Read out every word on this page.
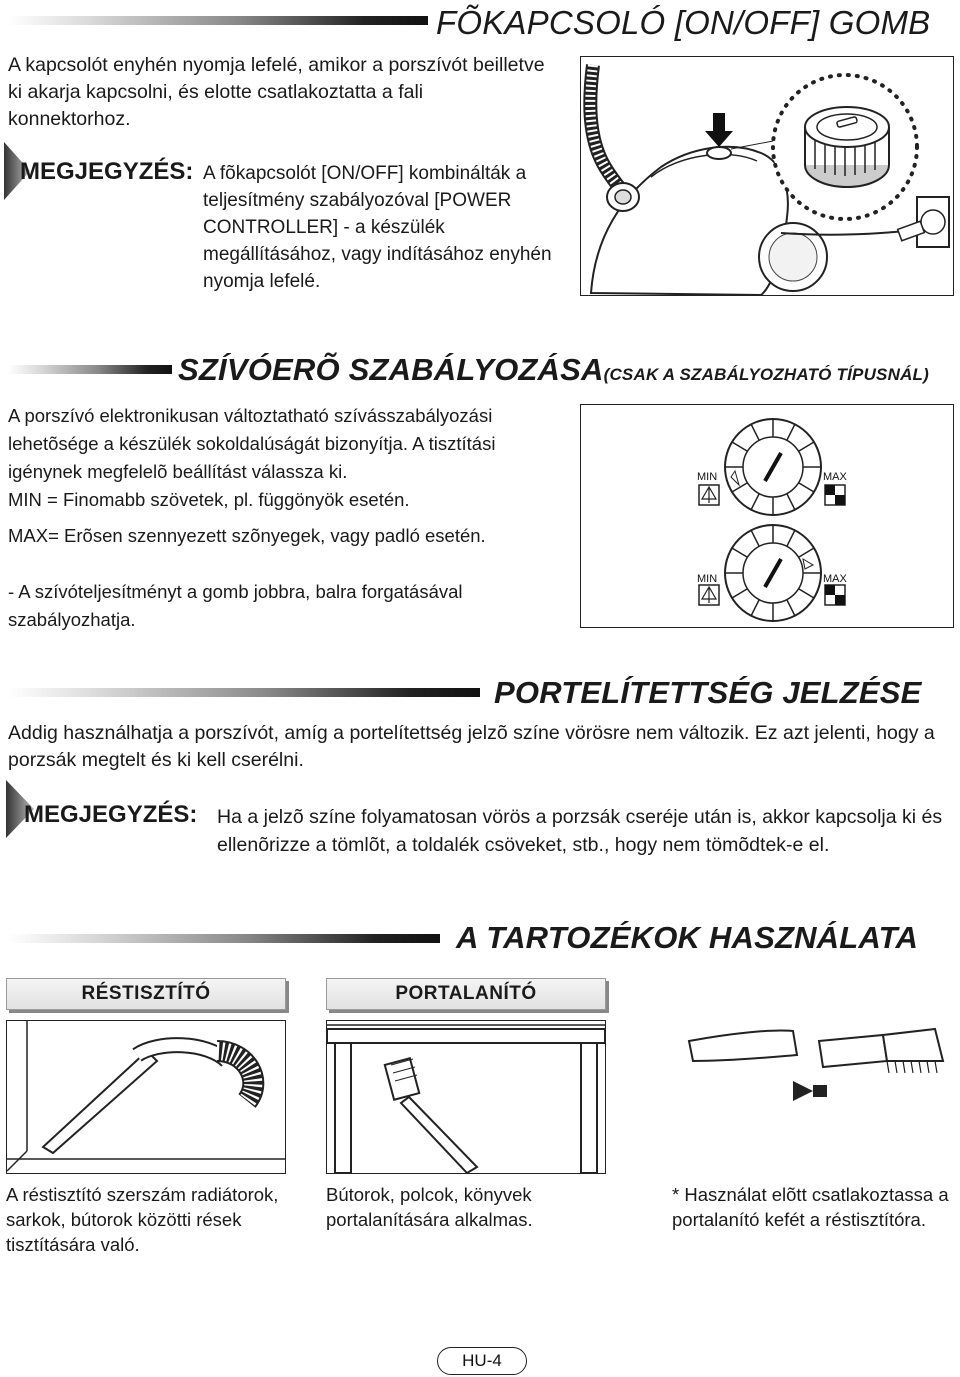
FÕKAPCSOLÓ [ON/OFF] GOMB
A kapcsolót enyhén nyomja lefelé, amikor a porszívót beilletve ki akarja kapcsolni, és elotte csatlakoztatta a fali konnektorhoz.
MEGJEGYZÉS: A fõkapcsolót [ON/OFF] kombinálták a teljesítmény szabályozóval [POWER CONTROLLER] - a készülék megállításához, vagy indításához enyhén nyomja lefelé.
SZÍVÓERÕ SZABÁLYOZÁSA(CSAK A SZABÁLYOZHATÓ TÍPUSNÁL)
A porszívó elektronikusan változtatható szívásszabályozási lehetõsége a készülék sokoldalúságát bizonyítja. A tisztítási igénynek megfelelõ beállítást válassza ki.
MIN = Finomabb szövetek, pl. függönyök esetén.
MAX= Erõsen szennyezett szõnyegek, vagy padló esetén.
- A szívóteljesítményt a gomb jobbra, balra forgatásával szabályozhatja.
MIN	MAX
MIN	MAX
PORTELÍTETTSÉG JELZÉSE
Addig használhatja a porszívót, amíg a portelítettség jelzõ színe vörösre nem változik. Ez azt jelenti, hogy a porzsák megtelt és ki kell cserélni.
MEGJEGYZÉS: Ha a jelzõ színe folyamatosan vörös a porzsák cseréje után is, akkor kapcsolja ki és ellenõrizze a tömlõt, a toldalék csöveket, stb., hogy nem tömõdtek-e el.
A TARTOZÉKOK HASZNÁLATA
RÉSTISZTÍTÓ	PORTALANÍTÓ
A réstisztító szerszám radiátorok, sarkok, bútorok közötti rések tisztítására való.
Bútorok, polcok, könyvek portalanítására alkalmas.
* Használat elõtt csatlakoztassa a portalanító kefét a réstisztítóra.
HU-4
